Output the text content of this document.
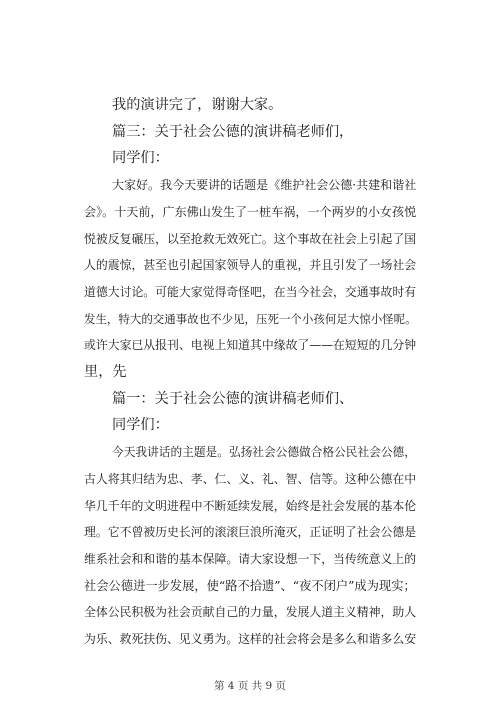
我的演讲完了，谢谢大家。
篇三：关于社会公德的演讲稿老师们，
同学们：
大家好。我今天要讲的话题是《维护社会公德·共建和谐社
会》。十天前，广东佛山发生了一桩车祸，一个两岁的小女孩悦
悦被反复碾压，以至抢救无效死亡。这个事故在社会上引起了国
人的震惊，甚至也引起国家领导人的重视，并且引发了一场社会
道德大讨论。可能大家觉得奇怪吧，在当今社会，交通事故时有
发生，特大的交通事故也不少见，压死一个小孩何足大惊小怪呢。
或许大家已从报刊、电视上知道其中缘故了——在短短的几分钟
里，先
篇一：关于社会公德的演讲稿老师们、
同学们：
今天我讲话的主题是。弘扬社会公德做合格公民社会公德，
古人将其归结为忠、孝、仁、义、礼、智、信等。这种公德在中
华几千年的文明进程中不断延续发展，始终是社会发展的基本伦
理。它不曾被历史长河的滚滚巨浪所淹灭，正证明了社会公德是
维系社会和和谐的基本保障。请大家设想一下，当传统意义上的
社会公德进一步发展，使“路不拾遗”、“夜不闭户”成为现实；
全体公民积极为社会贡献自己的力量，发展人道主义精神，助人
为乐、救死扶伤、见义勇为。这样的社会将会是多么和谐多么安
第 4 页 共 9 页
